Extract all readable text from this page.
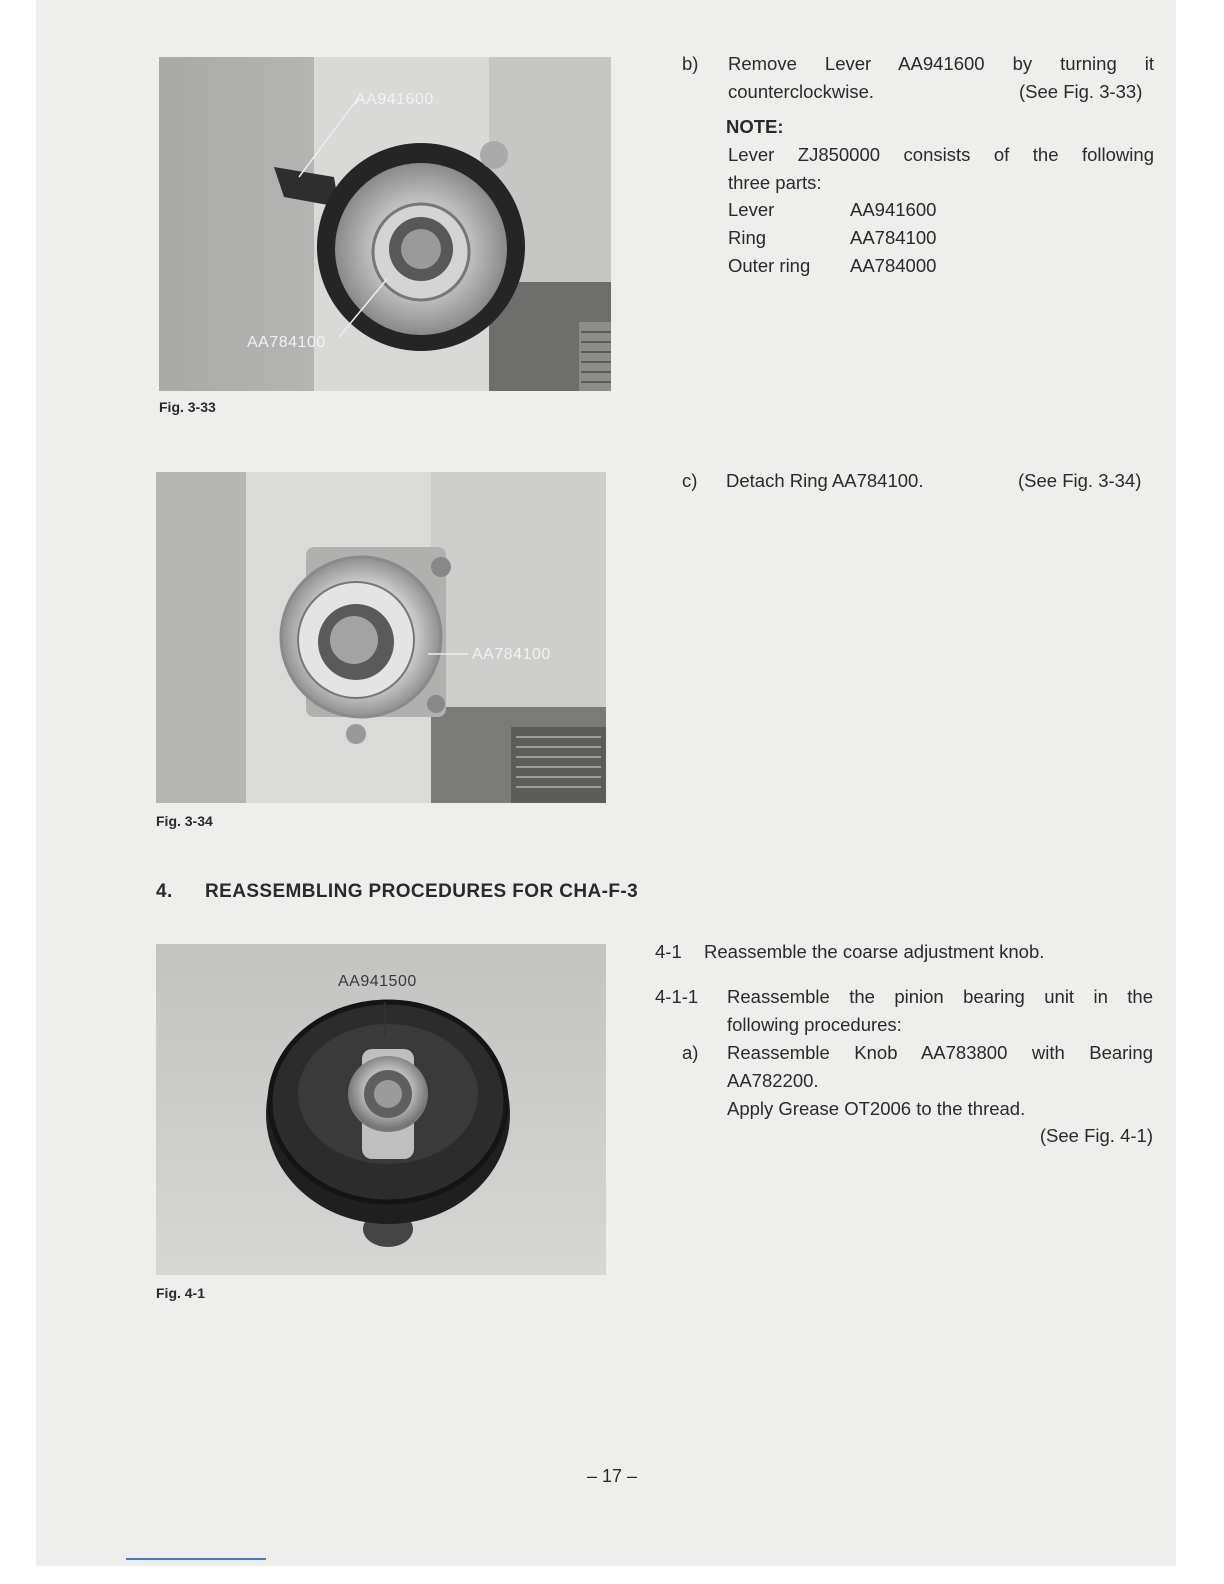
AA941600
AA784100
Fig. 3-33
b) Remove Lever AA941600 by turning it
counterclockwise.	(See Fig. 3-33)
NOTE:
Lever ZJ850000 consists of the following
three parts:
Lever	AA941600
Ring	AA784100
Outer ring AA784000
AA784100
Fig. 3-34
c) Detach Ring AA784100.	(See Fig. 3-34)
4. REASSEMBLING PROCEDURES FOR CHA-F-3
AA941500
Fig. 4-1
4-1 Reassemble the coarse adjustment knob.
4-1-1 Reassemble the pinion bearing unit in the
following procedures:
a) Reassemble Knob AA783800 with Bearing
AA782200.
Apply Grease OT2006 to the thread.
(See Fig. 4-1)
– 17 –
